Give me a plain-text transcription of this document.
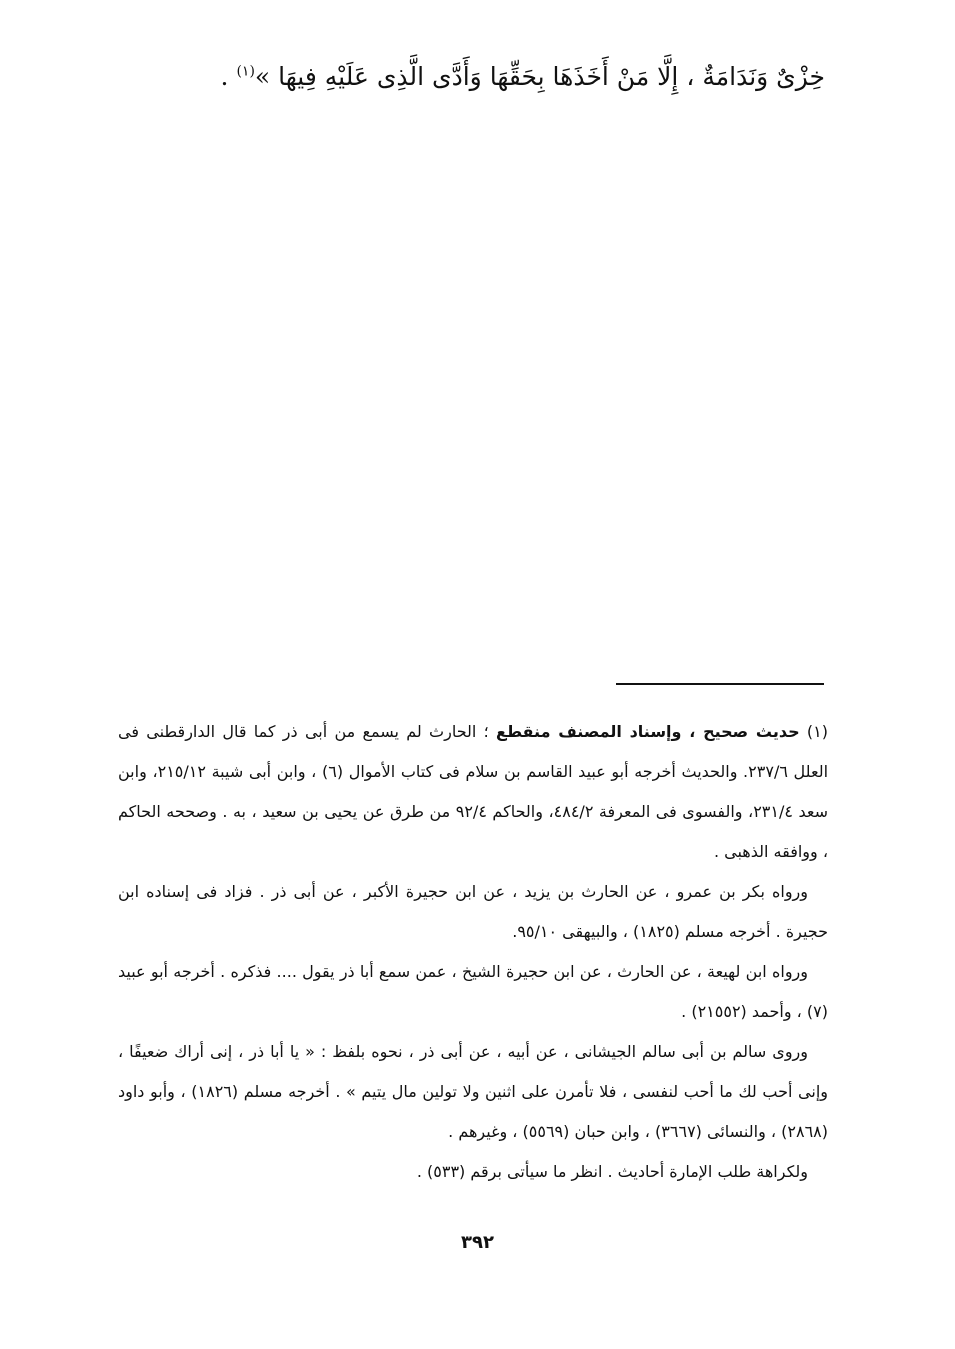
خِزْىٌ وَنَدَامَةٌ ، إِلَّا مَنْ أَخَذَهَا بِحَقِّهَا وَأَدَّى الَّذِى عَلَيْهِ فِيهَا »$^{(١)}$ .

(١) حديث صحيح ، وإسناد المصنف منقطع ؛ الحارث لم يسمع من أبى ذر كما قال الدارقطنى فى العلل ٢٣٧/٦. والحديث أخرجه أبو عبيد القاسم بن سلام فى كتاب الأموال (٦) ، وابن أبى شيبة ٢١٥/١٢، وابن سعد ٢٣١/٤، والفسوى فى المعرفة ٤٨٤/٢، والحاكم ٩٢/٤ من طرق عن يحيى بن سعيد ، به . وصححه الحاكم ، ووافقه الذهبى .

ورواه بكر بن عمرو ، عن الحارث بن يزيد ، عن ابن حجيرة الأكبر ، عن أبى ذر . فزاد فى إسناده ابن حجيرة . أخرجه مسلم (١٨٢٥) ، والبيهقى ٩٥/١٠.

ورواه ابن لهيعة ، عن الحارث ، عن ابن حجيرة الشيخ ، عمن سمع أبا ذر يقول .... فذكره . أخرجه أبو عبيد (٧) ، وأحمد (٢١٥٥٢) .

وروى سالم بن أبى سالم الجيشانى ، عن أبيه ، عن أبى ذر ، نحوه بلفظ : « يا أبا ذر ، إنى أراك ضعيفًا ، وإنى أحب لك ما أحب لنفسى ، فلا تأمرن على اثنين ولا تولين مال يتيم » . أخرجه مسلم (١٨٢٦) ، وأبو داود (٢٨٦٨) ، والنسائى (٣٦٦٧) ، وابن حبان (٥٥٦٩) ، وغيرهم .

ولكراهة طلب الإمارة أحاديث . انظر ما سيأتى برقم (٥٣٣) .

٣٩٢
